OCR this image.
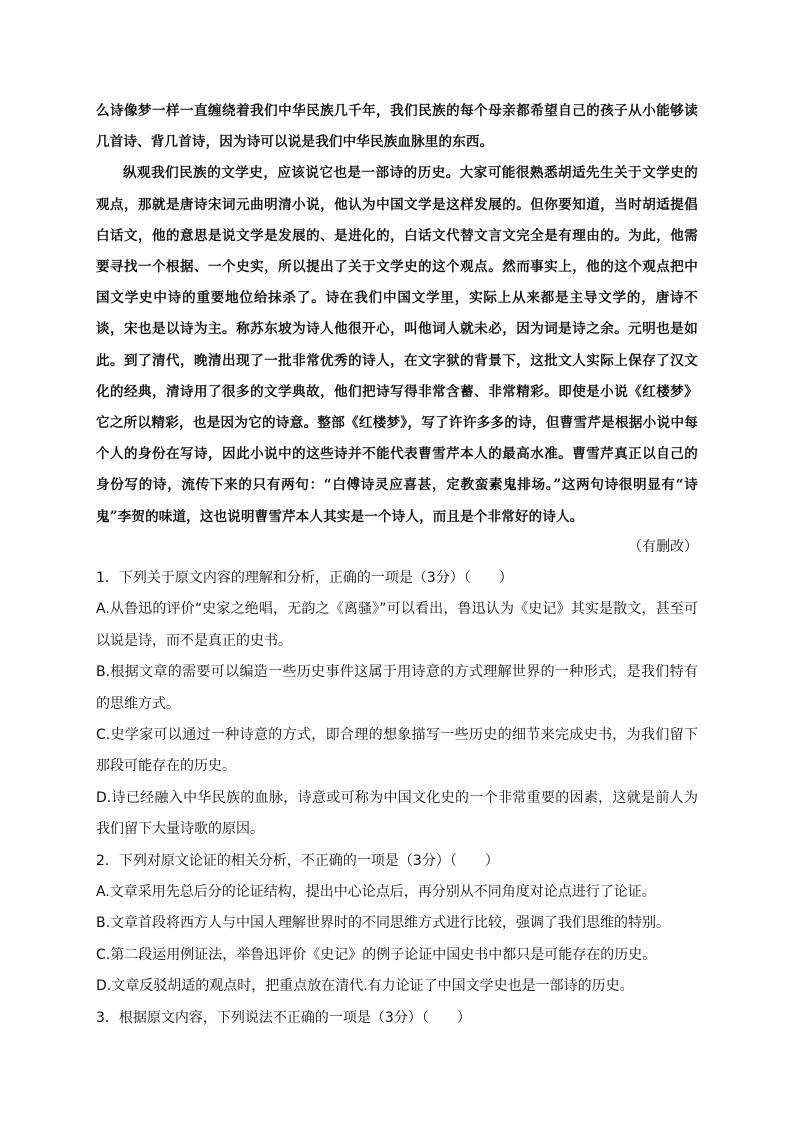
么诗像梦一样一直缠绕着我们中华民族几千年，我们民族的每个母亲都希望自己的孩子从小能够读几首诗、背几首诗，因为诗可以说是我们中华民族血脉里的东西。

纵观我们民族的文学史，应该说它也是一部诗的历史。大家可能很熟悉胡适先生关于文学史的观点，那就是唐诗宋词元曲明清小说，他认为中国文学是这样发展的。但你要知道，当时胡适提倡白话文，他的意思是说文学是发展的、是进化的，白话文代替文言文完全是有理由的。为此，他需要寻找一个根据、一个史实，所以提出了关于文学史的这个观点。然而事实上，他的这个观点把中国文学史中诗的重要地位给抹杀了。诗在我们中国文学里，实际上从来都是主导文学的，唐诗不谈，宋也是以诗为主。称苏东坡为诗人他很开心，叫他词人就未必，因为词是诗之余。元明也是如此。到了清代，晚清出现了一批非常优秀的诗人，在文字狱的背景下，这批文人实际上保存了汉文化的经典，清诗用了很多的文学典故，他们把诗写得非常含蓄、非常精彩。即使是小说《红楼梦》它之所以精彩，也是因为它的诗意。整部《红楼梦》，写了许许多多的诗，但曹雪芹是根据小说中每个人的身份在写诗，因此小说中的这些诗并不能代表曹雪芹本人的最高水准。曹雪芹真正以自己的身份写的诗，流传下来的只有两句：“白傅诗灵应喜甚，定教蛮素鬼排场。”这两句诗很明显有“诗鬼”李贺的味道，这也说明曹雪芹本人其实是一个诗人，而且是个非常好的诗人。

（有删改）

1．下列关于原文内容的理解和分析，正确的一项是（3分）（　　）

A.从鲁迅的评价“史家之绝唱，无韵之《离骚》”可以看出，鲁迅认为《史记》其实是散文，甚至可以说是诗，而不是真正的史书。

B.根据文章的需要可以编造一些历史事件这属于用诗意的方式理解世界的一种形式，是我们特有的思维方式。

C.史学家可以通过一种诗意的方式，即合理的想象描写一些历史的细节来完成史书，为我们留下那段可能存在的历史。

D.诗已经融入中华民族的血脉，诗意或可称为中国文化史的一个非常重要的因素，这就是前人为我们留下大量诗歌的原因。

2．下列对原文论证的相关分析，不正确的一项是（3分）（　　）

A.文章采用先总后分的论证结构，提出中心论点后，再分别从不同角度对论点进行了论证。

B.文章首段将西方人与中国人理解世界时的不同思维方式进行比较，强调了我们思维的特别。

C.第二段运用例证法，举鲁迅评价《史记》的例子论证中国史书中都只是可能存在的历史。

D.文章反驳胡适的观点时，把重点放在清代.有力论证了中国文学史也是一部诗的历史。

3．根据原文内容，下列说法不正确的一项是（3分）（　　）
